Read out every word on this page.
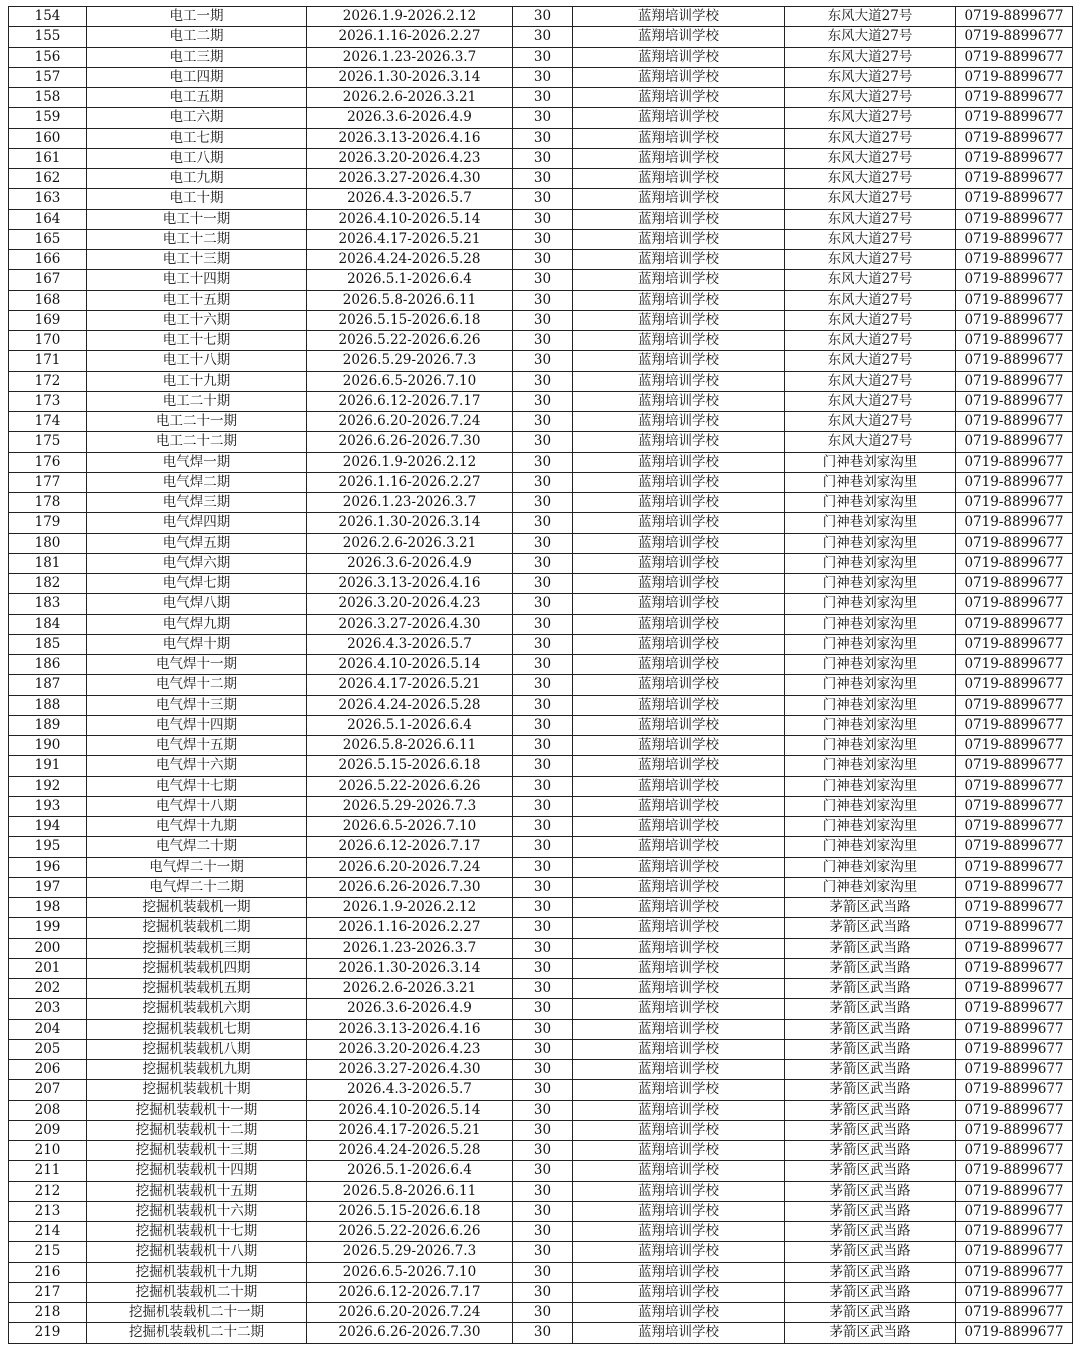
154	电工一期	2026.1.9-2026.2.12	30	蓝翔培训学校	东风大道27号	0719-8899677
155	电工二期	2026.1.16-2026.2.27	30	蓝翔培训学校	东风大道27号	0719-8899677
156	电工三期	2026.1.23-2026.3.7	30	蓝翔培训学校	东风大道27号	0719-8899677
157	电工四期	2026.1.30-2026.3.14	30	蓝翔培训学校	东风大道27号	0719-8899677
158	电工五期	2026.2.6-2026.3.21	30	蓝翔培训学校	东风大道27号	0719-8899677
159	电工六期	2026.3.6-2026.4.9	30	蓝翔培训学校	东风大道27号	0719-8899677
160	电工七期	2026.3.13-2026.4.16	30	蓝翔培训学校	东风大道27号	0719-8899677
161	电工八期	2026.3.20-2026.4.23	30	蓝翔培训学校	东风大道27号	0719-8899677
162	电工九期	2026.3.27-2026.4.30	30	蓝翔培训学校	东风大道27号	0719-8899677
163	电工十期	2026.4.3-2026.5.7	30	蓝翔培训学校	东风大道27号	0719-8899677
164	电工十一期	2026.4.10-2026.5.14	30	蓝翔培训学校	东风大道27号	0719-8899677
165	电工十二期	2026.4.17-2026.5.21	30	蓝翔培训学校	东风大道27号	0719-8899677
166	电工十三期	2026.4.24-2026.5.28	30	蓝翔培训学校	东风大道27号	0719-8899677
167	电工十四期	2026.5.1-2026.6.4	30	蓝翔培训学校	东风大道27号	0719-8899677
168	电工十五期	2026.5.8-2026.6.11	30	蓝翔培训学校	东风大道27号	0719-8899677
169	电工十六期	2026.5.15-2026.6.18	30	蓝翔培训学校	东风大道27号	0719-8899677
170	电工十七期	2026.5.22-2026.6.26	30	蓝翔培训学校	东风大道27号	0719-8899677
171	电工十八期	2026.5.29-2026.7.3	30	蓝翔培训学校	东风大道27号	0719-8899677
172	电工十九期	2026.6.5-2026.7.10	30	蓝翔培训学校	东风大道27号	0719-8899677
173	电工二十期	2026.6.12-2026.7.17	30	蓝翔培训学校	东风大道27号	0719-8899677
174	电工二十一期	2026.6.20-2026.7.24	30	蓝翔培训学校	东风大道27号	0719-8899677
175	电工二十二期	2026.6.26-2026.7.30	30	蓝翔培训学校	东风大道27号	0719-8899677
176	电气焊一期	2026.1.9-2026.2.12	30	蓝翔培训学校	门神巷刘家沟里	0719-8899677
177	电气焊二期	2026.1.16-2026.2.27	30	蓝翔培训学校	门神巷刘家沟里	0719-8899677
178	电气焊三期	2026.1.23-2026.3.7	30	蓝翔培训学校	门神巷刘家沟里	0719-8899677
179	电气焊四期	2026.1.30-2026.3.14	30	蓝翔培训学校	门神巷刘家沟里	0719-8899677
180	电气焊五期	2026.2.6-2026.3.21	30	蓝翔培训学校	门神巷刘家沟里	0719-8899677
181	电气焊六期	2026.3.6-2026.4.9	30	蓝翔培训学校	门神巷刘家沟里	0719-8899677
182	电气焊七期	2026.3.13-2026.4.16	30	蓝翔培训学校	门神巷刘家沟里	0719-8899677
183	电气焊八期	2026.3.20-2026.4.23	30	蓝翔培训学校	门神巷刘家沟里	0719-8899677
184	电气焊九期	2026.3.27-2026.4.30	30	蓝翔培训学校	门神巷刘家沟里	0719-8899677
185	电气焊十期	2026.4.3-2026.5.7	30	蓝翔培训学校	门神巷刘家沟里	0719-8899677
186	电气焊十一期	2026.4.10-2026.5.14	30	蓝翔培训学校	门神巷刘家沟里	0719-8899677
187	电气焊十二期	2026.4.17-2026.5.21	30	蓝翔培训学校	门神巷刘家沟里	0719-8899677
188	电气焊十三期	2026.4.24-2026.5.28	30	蓝翔培训学校	门神巷刘家沟里	0719-8899677
189	电气焊十四期	2026.5.1-2026.6.4	30	蓝翔培训学校	门神巷刘家沟里	0719-8899677
190	电气焊十五期	2026.5.8-2026.6.11	30	蓝翔培训学校	门神巷刘家沟里	0719-8899677
191	电气焊十六期	2026.5.15-2026.6.18	30	蓝翔培训学校	门神巷刘家沟里	0719-8899677
192	电气焊十七期	2026.5.22-2026.6.26	30	蓝翔培训学校	门神巷刘家沟里	0719-8899677
193	电气焊十八期	2026.5.29-2026.7.3	30	蓝翔培训学校	门神巷刘家沟里	0719-8899677
194	电气焊十九期	2026.6.5-2026.7.10	30	蓝翔培训学校	门神巷刘家沟里	0719-8899677
195	电气焊二十期	2026.6.12-2026.7.17	30	蓝翔培训学校	门神巷刘家沟里	0719-8899677
196	电气焊二十一期	2026.6.20-2026.7.24	30	蓝翔培训学校	门神巷刘家沟里	0719-8899677
197	电气焊二十二期	2026.6.26-2026.7.30	30	蓝翔培训学校	门神巷刘家沟里	0719-8899677
198	挖掘机装载机一期	2026.1.9-2026.2.12	30	蓝翔培训学校	茅箭区武当路	0719-8899677
199	挖掘机装载机二期	2026.1.16-2026.2.27	30	蓝翔培训学校	茅箭区武当路	0719-8899677
200	挖掘机装载机三期	2026.1.23-2026.3.7	30	蓝翔培训学校	茅箭区武当路	0719-8899677
201	挖掘机装载机四期	2026.1.30-2026.3.14	30	蓝翔培训学校	茅箭区武当路	0719-8899677
202	挖掘机装载机五期	2026.2.6-2026.3.21	30	蓝翔培训学校	茅箭区武当路	0719-8899677
203	挖掘机装载机六期	2026.3.6-2026.4.9	30	蓝翔培训学校	茅箭区武当路	0719-8899677
204	挖掘机装载机七期	2026.3.13-2026.4.16	30	蓝翔培训学校	茅箭区武当路	0719-8899677
205	挖掘机装载机八期	2026.3.20-2026.4.23	30	蓝翔培训学校	茅箭区武当路	0719-8899677
206	挖掘机装载机九期	2026.3.27-2026.4.30	30	蓝翔培训学校	茅箭区武当路	0719-8899677
207	挖掘机装载机十期	2026.4.3-2026.5.7	30	蓝翔培训学校	茅箭区武当路	0719-8899677
208	挖掘机装载机十一期	2026.4.10-2026.5.14	30	蓝翔培训学校	茅箭区武当路	0719-8899677
209	挖掘机装载机十二期	2026.4.17-2026.5.21	30	蓝翔培训学校	茅箭区武当路	0719-8899677
210	挖掘机装载机十三期	2026.4.24-2026.5.28	30	蓝翔培训学校	茅箭区武当路	0719-8899677
211	挖掘机装载机十四期	2026.5.1-2026.6.4	30	蓝翔培训学校	茅箭区武当路	0719-8899677
212	挖掘机装载机十五期	2026.5.8-2026.6.11	30	蓝翔培训学校	茅箭区武当路	0719-8899677
213	挖掘机装载机十六期	2026.5.15-2026.6.18	30	蓝翔培训学校	茅箭区武当路	0719-8899677
214	挖掘机装载机十七期	2026.5.22-2026.6.26	30	蓝翔培训学校	茅箭区武当路	0719-8899677
215	挖掘机装载机十八期	2026.5.29-2026.7.3	30	蓝翔培训学校	茅箭区武当路	0719-8899677
216	挖掘机装载机十九期	2026.6.5-2026.7.10	30	蓝翔培训学校	茅箭区武当路	0719-8899677
217	挖掘机装载机二十期	2026.6.12-2026.7.17	30	蓝翔培训学校	茅箭区武当路	0719-8899677
218	挖掘机装载机二十一期	2026.6.20-2026.7.24	30	蓝翔培训学校	茅箭区武当路	0719-8899677
219	挖掘机装载机二十二期	2026.6.26-2026.7.30	30	蓝翔培训学校	茅箭区武当路	0719-8899677
